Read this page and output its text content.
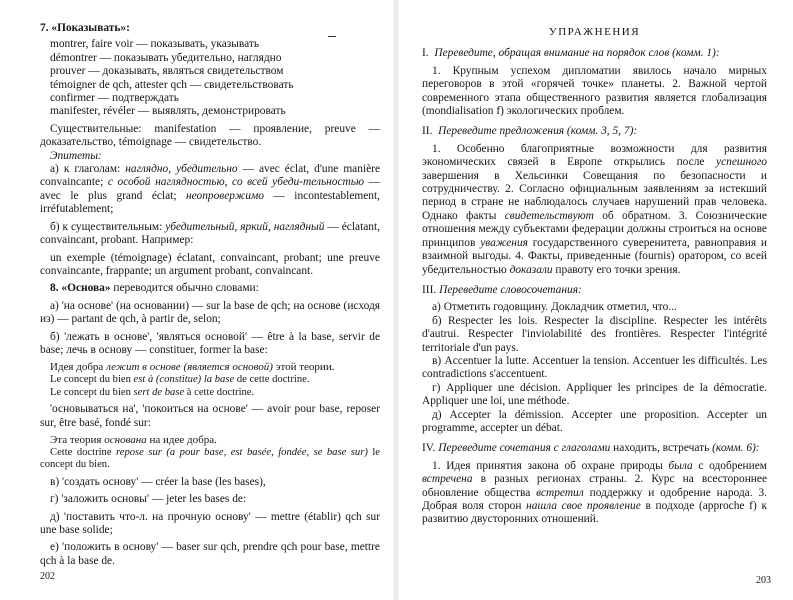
7. «Показывать»:

montrer, faire voir — показывать, указывать

démontrer — показывать убедительно, наглядно

prouver — доказывать, являться свидетельством

témoigner de qch, attester qch — свидетельствовать

confirmer — подтверждать

manifester, révéler — выявлять, демонстрировать

Существительные: manifestation — проявление, preuve — доказательство, témoignage — свидетельство.

Эпитеты:

а) к глаголам: наглядно, убедительно — avec éclat, d'une manière convaincante; с особой наглядностью, со всей убеди-тельностью — avec le plus grand éclat; неопровержимо — incontestablement, irréfutablement;

б) к существительным: убедительный, яркий, наглядный — éclatant, convaincant, probant. Например:

un exemple (témoignage) éclatant, convaincant, probant; une preuve convaincante, frappante; un argument probant, convaincant.

8. «Основа» переводится обычно словами:

а) 'на основе' (на основании) — sur la base de qch; на основе (исходя из) — partant de qch, à partir de, selon;

б) 'лежать в основе', 'являться основой' — être à la base, servir de base; лечь в основу — constituer, former la base:

Идея добра лежит в основе (является основой) этой теории.

Le concept du bien est à (constitue) la base de cette doctrine.

Le concept du bien sert de base à cette doctrine.

'основываться на', 'покоиться на основе' — avoir pour base, reposer sur, être basé, fondé sur:

Эта теория основана на идее добра.

Cette doctrine repose sur (a pour base, est basée, fondée, se base sur) le concept du bien.

в) 'создать основу' — créer la base (les bases),

г) 'заложить основы' — jeter les bases de:

д) 'поставить что-л. на прочную основу' — mettre (établir) qch sur une base solide;

е) 'положить в основу' — baser sur qch, prendre qch pour base, mettre qch à la base de.

202

УПРАЖНЕНИЯ

I. Переведите, обращая внимание на порядок слов (комм. 1):

1. Крупным успехом дипломатии явилось начало мирных переговоров в этой «горячей точке» планеты. 2. Важной чертой современного этапа общественного развития является глобализация (mondialisation f) экологических проблем.

II. Переведите предложения (комм. 3, 5, 7):

1. Особенно благоприятные возможности для развития экономических связей в Европе открылись после успешного завершения в Хельсинки Совещания по безопасности и сотрудничеству. 2. Согласно официальным заявлениям за истекший период в стране не наблюдалось случаев нарушений прав человека. Однако факты свидетельствуют об обратном. 3. Союзнические отношения между субъектами федерации должны строиться на основе принципов уважения государственного суверенитета, равноправия и взаимной выгоды. 4. Факты, приведенные (fournis) оратором, со всей убедительностью доказали правоту его точки зрения.

III. Переведите словосочетания:

а) Отметить годовщину. Докладчик отметил, что...

б) Respecter les lois. Respecter la discipline. Respecter les intérêts d'autrui. Respecter l'inviolabilité des frontières. Respecter l'intégrité territoriale d'un pays.

в) Accentuer la lutte. Accentuer la tension. Accentuer les difficultés. Les contradictions s'accentuent.

г) Appliquer une décision. Appliquer les principes de la démocratie. Appliquer une loi, une méthode.

д) Accepter la démission. Accepter une proposition. Accepter un programme, accepter un débat.

IV. Переведите сочетания с глаголами находить, встречать (комм. 6):

1. Идея принятия закона об охране природы была с одобрением встречена в разных регионах страны. 2. Курс на всестороннее обновление общества встретил поддержку и одобрение народа. 3. Добрая воля сторон нашла свое проявление в подходе (approche f) к развитию двусторонних отношений.

203
